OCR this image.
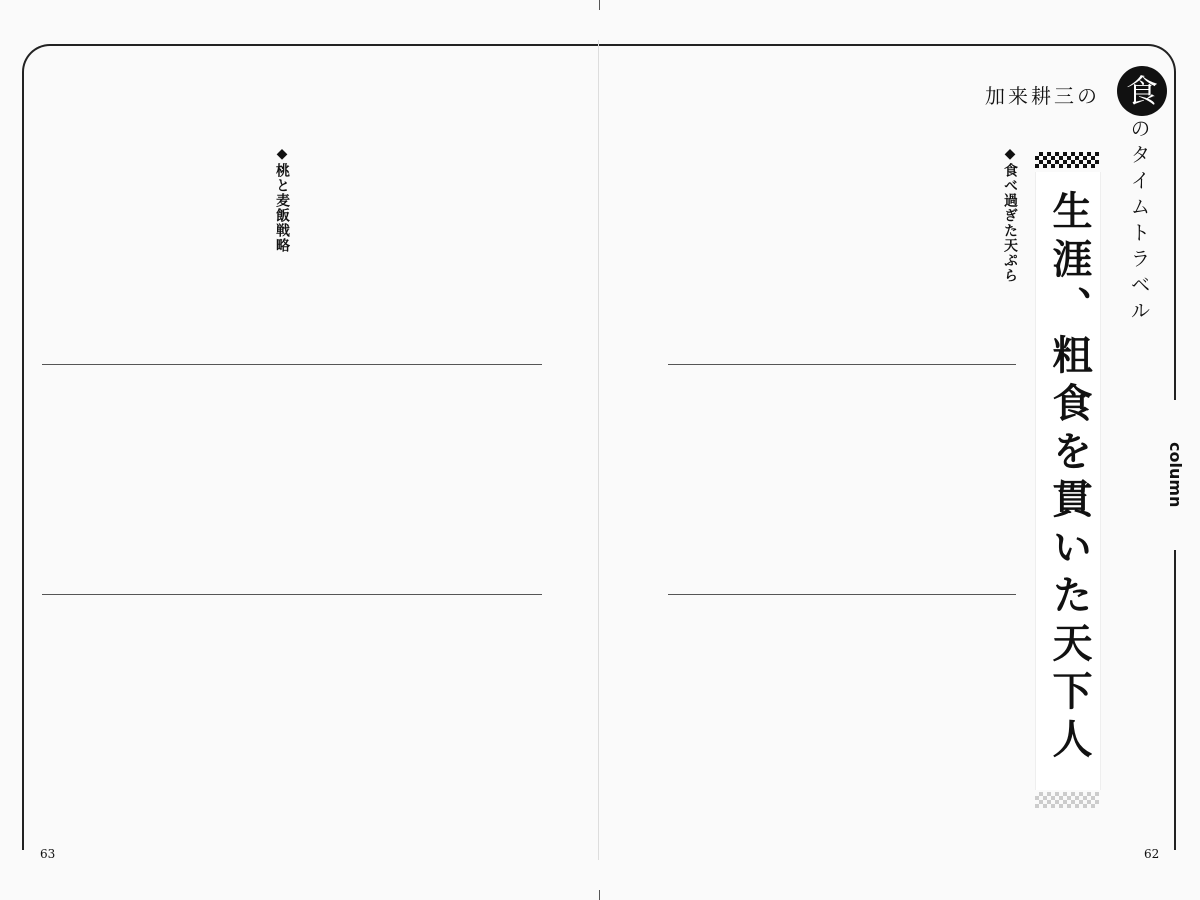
加来耕三の 食
のタイムトラベル
生涯、粗食を貫いた天下人	column
◆ 食べ過ぎた天ぷら
◆ 桃と麦飯戦略
63	62
